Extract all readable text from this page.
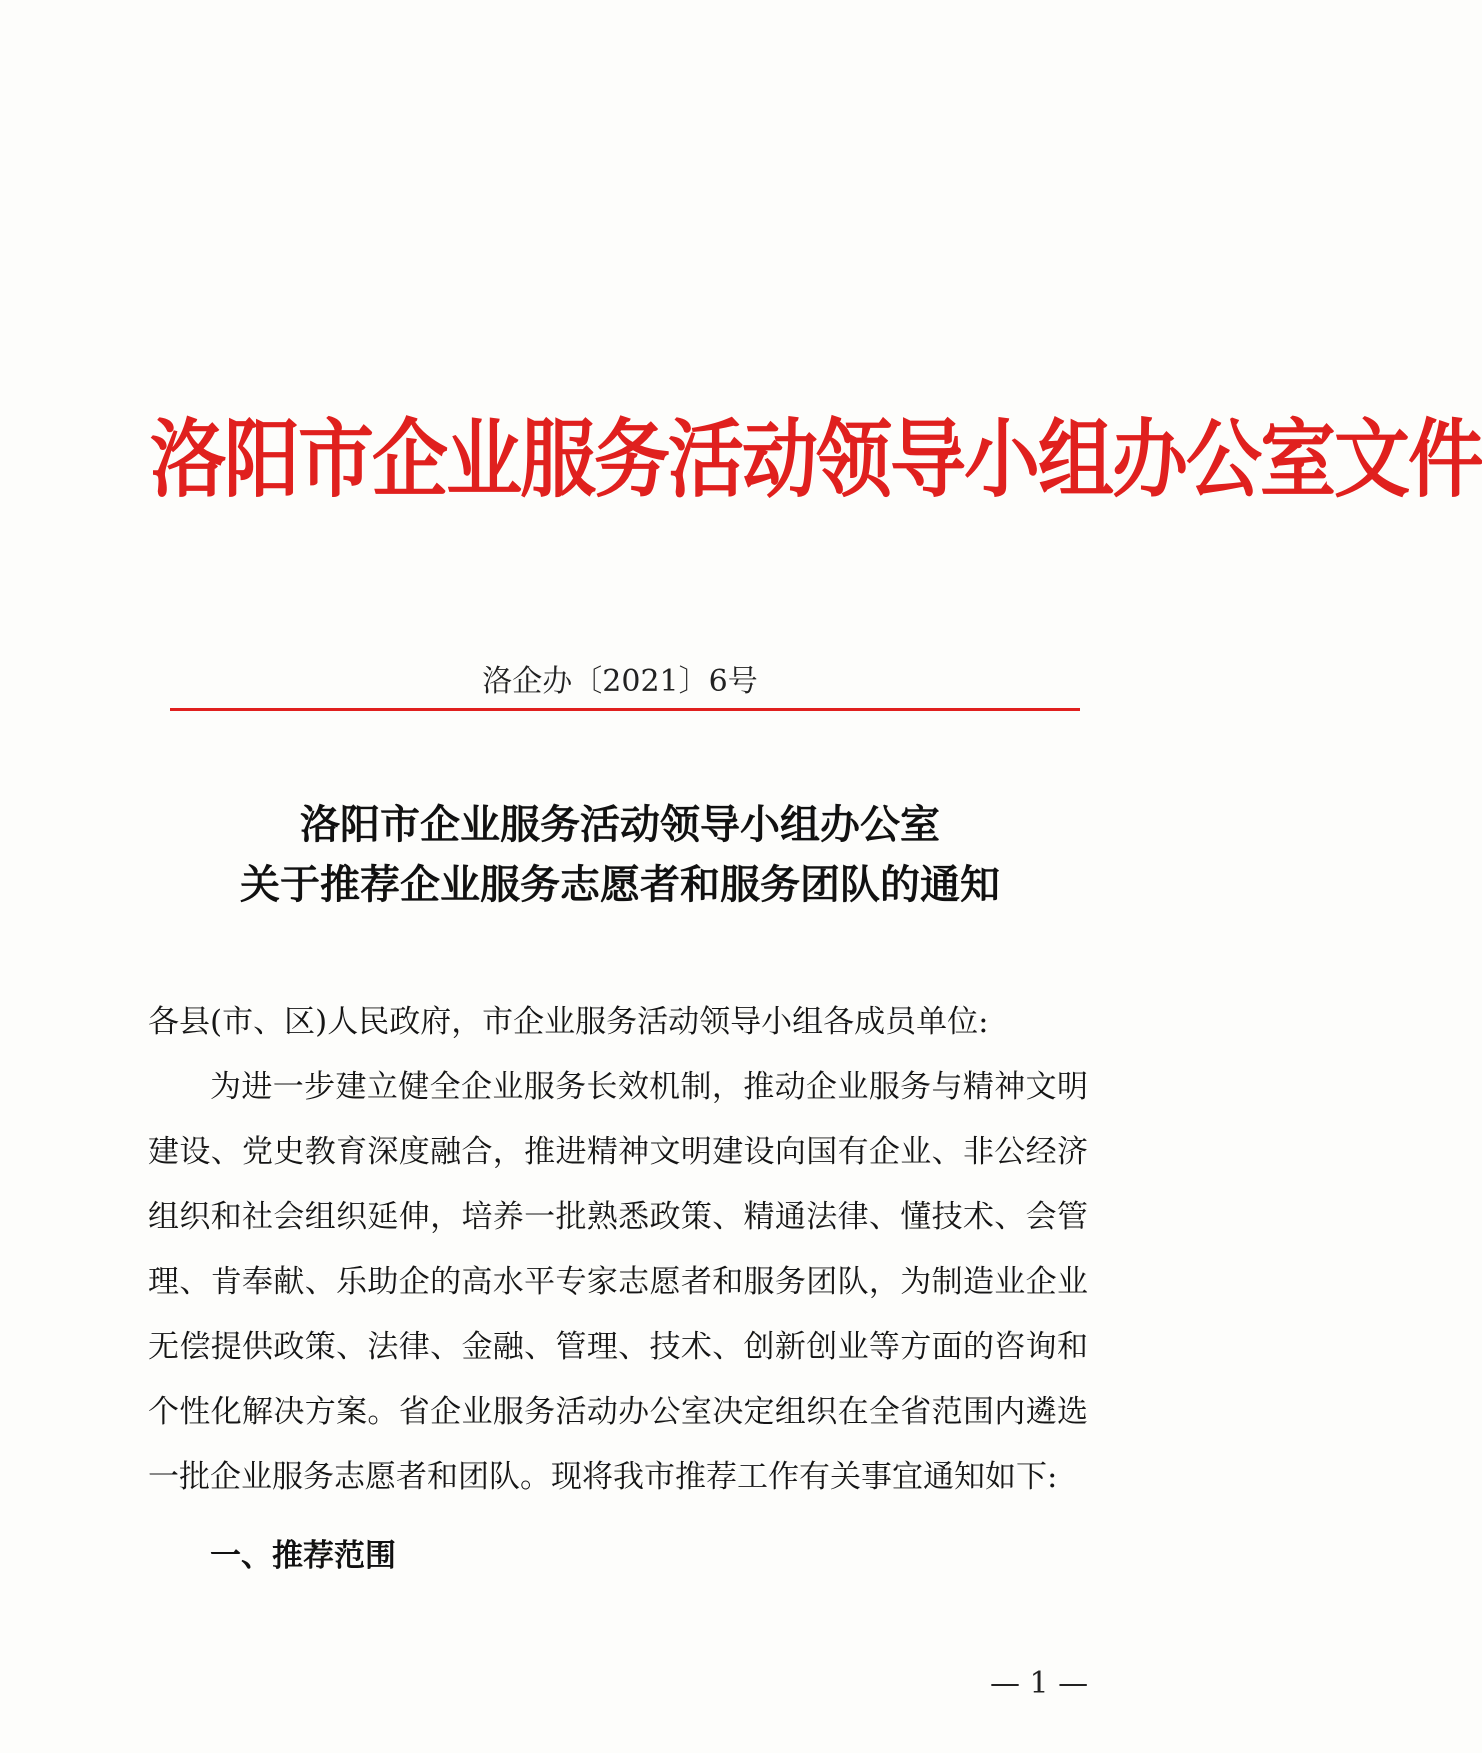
洛阳市企业服务活动领导小组办公室文件
洛企办〔2021〕6号
洛阳市企业服务活动领导小组办公室
关于推荐企业服务志愿者和服务团队的通知

各县(市、区)人民政府，市企业服务活动领导小组各成员单位:

为进一步建立健全企业服务长效机制，推动企业服务与精神文明建设、党史教育深度融合，推进精神文明建设向国有企业、非公经济组织和社会组织延伸，培养一批熟悉政策、精通法律、懂技术、会管理、肯奉献、乐助企的高水平专家志愿者和服务团队，为制造业企业无偿提供政策、法律、金融、管理、技术、创新创业等方面的咨询和个性化解决方案。省企业服务活动办公室决定组织在全省范围内遴选一批企业服务志愿者和团队。现将我市推荐工作有关事宜通知如下:

一、推荐范围
— 1 —
